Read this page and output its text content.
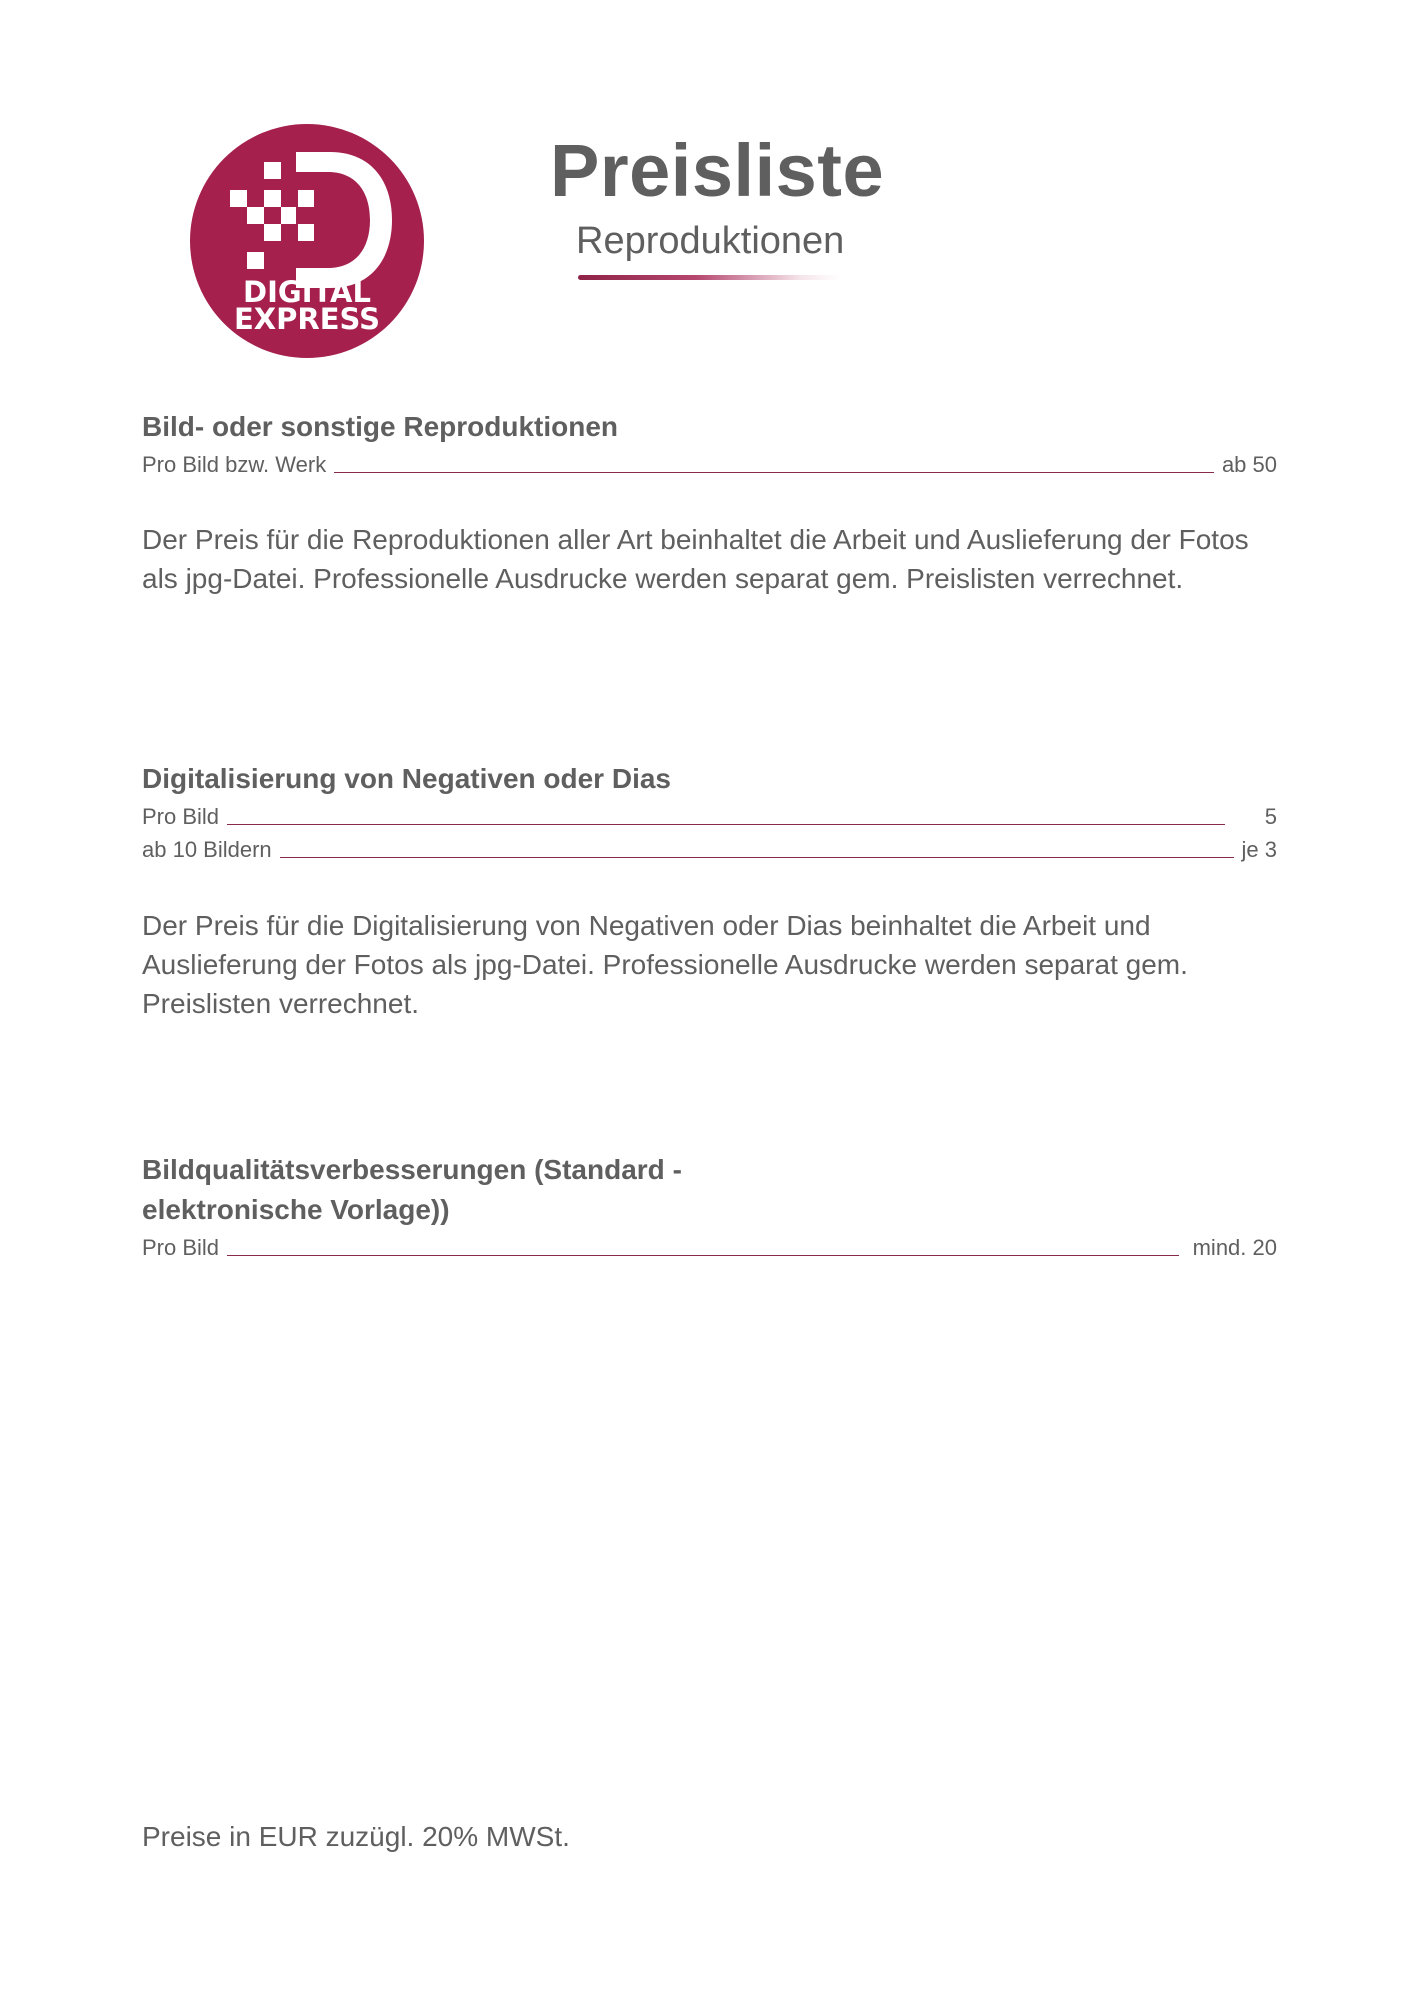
DIGITAL
EXPRESS
Preisliste
Reproduktionen
Bild- oder sonstige Reproduktionen
Pro Bild bzw. Werk	ab 50

Der Preis für die Reproduktionen aller Art beinhaltet die Arbeit und Auslieferung der Fotos als jpg-Datei. Professionelle Ausdrucke werden separat gem. Preislisten verrechnet.

Digitalisierung von Negativen oder Dias
Pro Bild	5
ab 10 Bildern	je 3

Der Preis für die Digitalisierung von Negativen oder Dias beinhaltet die Arbeit und Auslieferung der Fotos als jpg-Datei. Professionelle Ausdrucke werden separat gem. Preislisten verrechnet.

Bildqualitätsverbesserungen (Standard -
elektronische Vorlage))
Pro Bild	mind. 20
Preise in EUR zuzügl. 20% MWSt.
